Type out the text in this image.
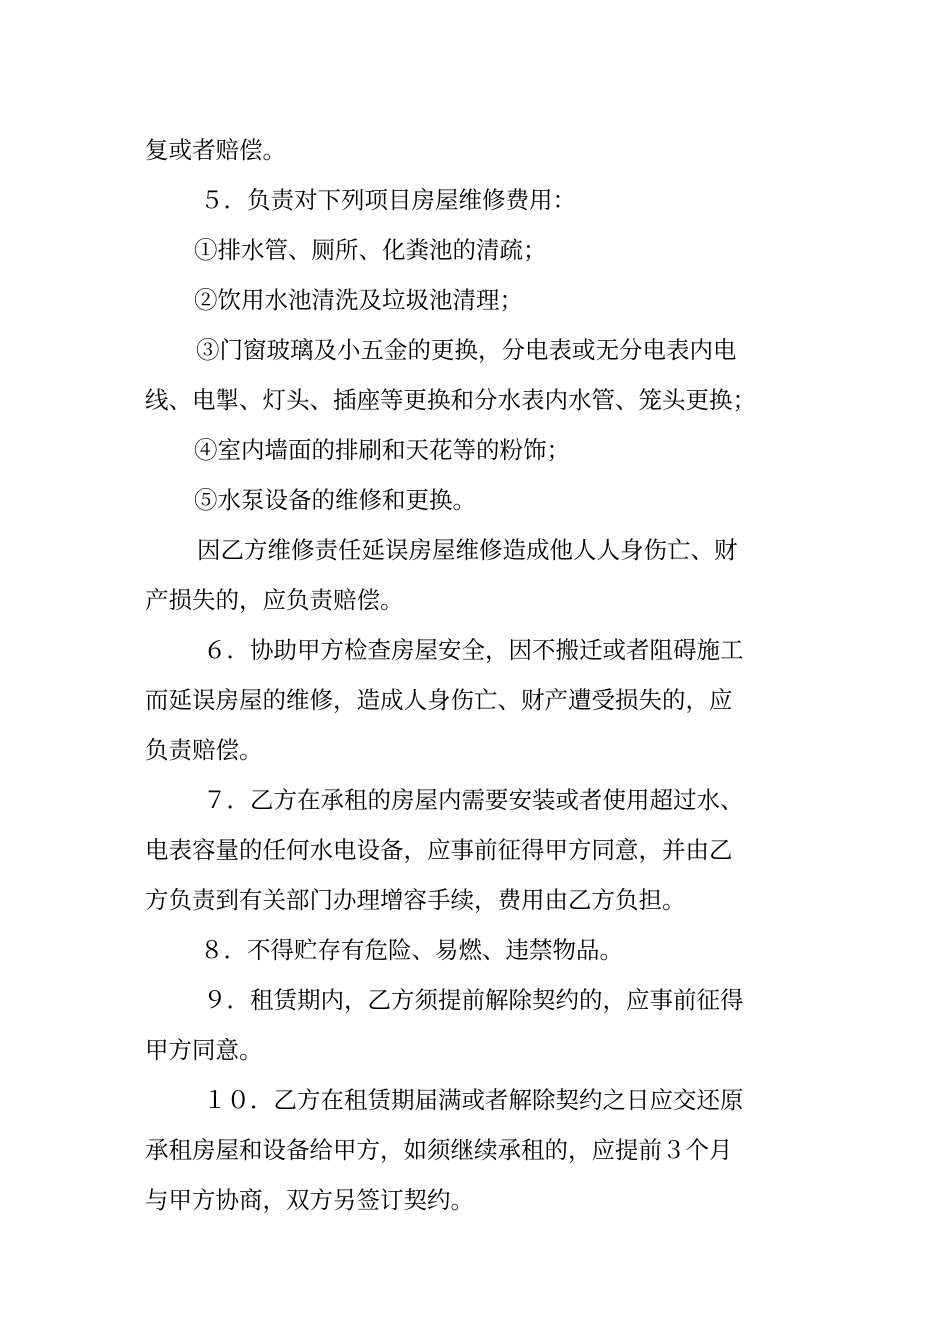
复或者赔偿。
５．负责对下列项目房屋维修费用：
①排水管、厕所、化粪池的清疏；
②饮用水池清洗及垃圾池清理；
③门窗玻璃及小五金的更换，分电表或无分电表内电
线、电掣、灯头、插座等更换和分水表内水管、笼头更换；
④室内墙面的排刷和天花等的粉饰；
⑤水泵设备的维修和更换。
因乙方维修责任延误房屋维修造成他人人身伤亡、财
产损失的，应负责赔偿。
６．协助甲方检查房屋安全，因不搬迁或者阻碍施工
而延误房屋的维修，造成人身伤亡、财产遭受损失的，应
负责赔偿。
７．乙方在承租的房屋内需要安装或者使用超过水、
电表容量的任何水电设备，应事前征得甲方同意，并由乙
方负责到有关部门办理增容手续，费用由乙方负担。
８．不得贮存有危险、易燃、违禁物品。
９．租赁期内，乙方须提前解除契约的，应事前征得
甲方同意。
１０．乙方在租赁期届满或者解除契约之日应交还原
承租房屋和设备给甲方，如须继续承租的，应提前３个月
与甲方协商，双方另签订契约。
